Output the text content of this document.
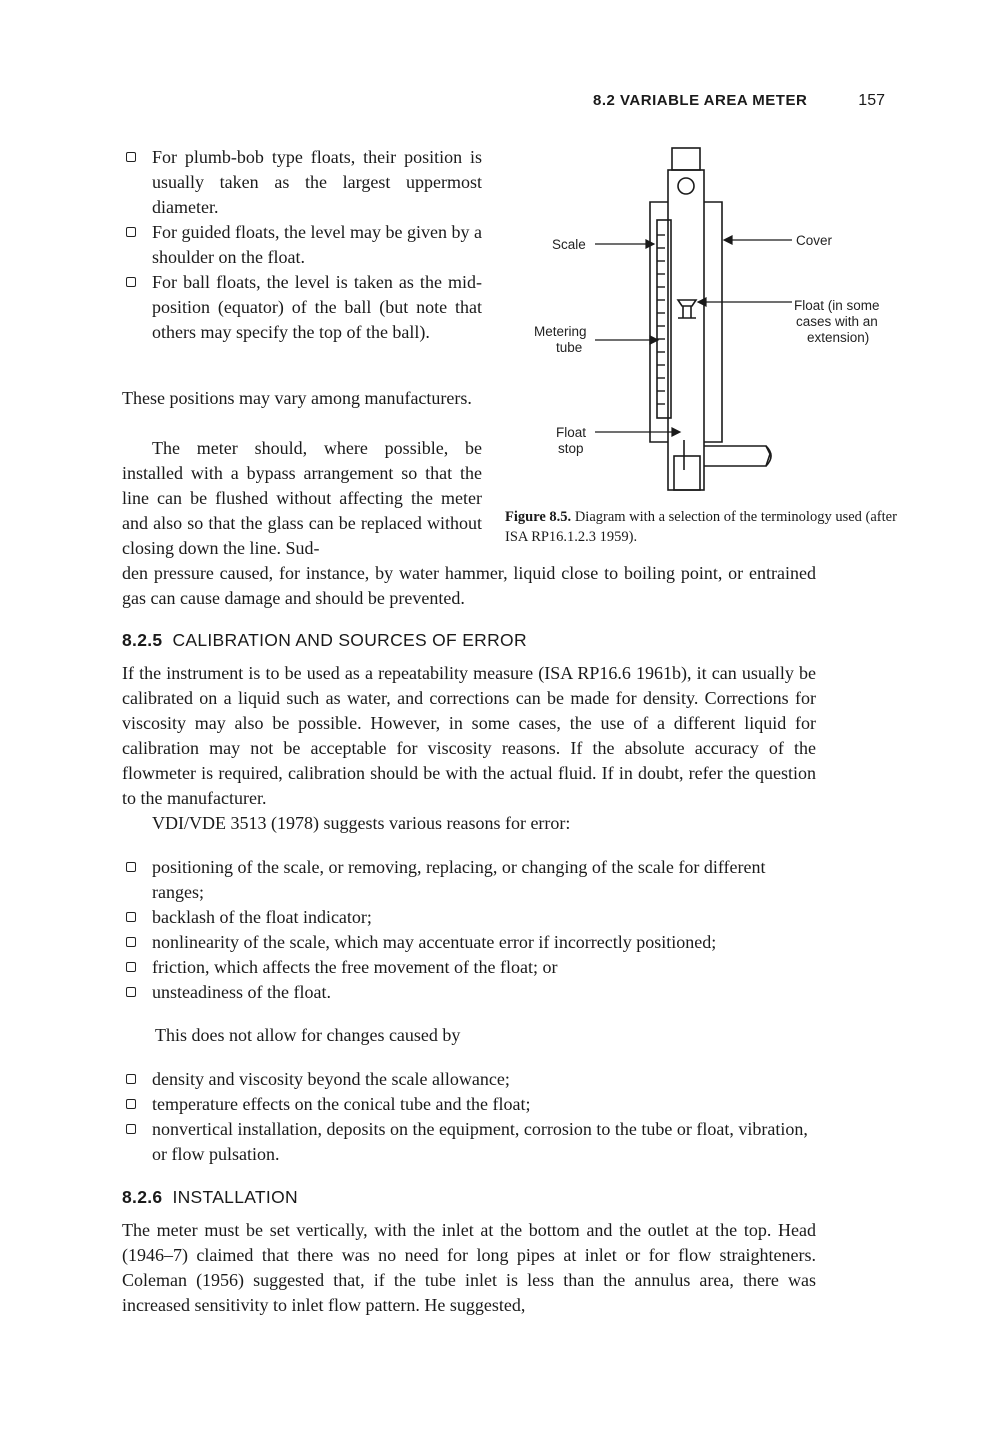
8.2 VARIABLE AREA METER	157
For plumb-bob type floats, their position is usually taken as the largest uppermost diameter.
For guided floats, the level may be given by a shoulder on the float.
For ball floats, the level is taken as the mid-position (equator) of the ball (but note that others may specify the top of the ball).

These positions may vary among manufacturers.

The meter should, where possible, be installed with a bypass arrangement so that the line can be flushed without affecting the meter and also so that the glass can be replaced without closing down the line. Sud-

den pressure caused, for instance, by water hammer, liquid close to boiling point, or entrained gas can cause damage and should be prevented.

Scale
Metering
tube
Float
stop
Cover
Float (in some
cases with an
extension)

Figure 8.5. Diagram with a selection of the terminology used (after ISA RP16.1.2.3 1959).

8.2.5 CALIBRATION AND SOURCES OF ERROR

If the instrument is to be used as a repeatability measure (ISA RP16.6 1961b), it can usually be calibrated on a liquid such as water, and corrections can be made for density. Corrections for viscosity may also be possible. However, in some cases, the use of a different liquid for calibration may not be acceptable for viscosity reasons. If the absolute accuracy of the flowmeter is required, calibration should be with the actual fluid. If in doubt, refer the question to the manufacturer.

VDI/VDE 3513 (1978) suggests various reasons for error:

positioning of the scale, or removing, replacing, or changing of the scale for different ranges;
backlash of the float indicator;
nonlinearity of the scale, which may accentuate error if incorrectly positioned;
friction, which affects the free movement of the float; or
unsteadiness of the float.

This does not allow for changes caused by

density and viscosity beyond the scale allowance;
temperature effects on the conical tube and the float;
nonvertical installation, deposits on the equipment, corrosion to the tube or float, vibration, or flow pulsation.
8.2.6 INSTALLATION

The meter must be set vertically, with the inlet at the bottom and the outlet at the top. Head (1946–7) claimed that there was no need for long pipes at inlet or for flow straighteners. Coleman (1956) suggested that, if the tube inlet is less than the annulus area, there was increased sensitivity to inlet flow pattern. He suggested,
